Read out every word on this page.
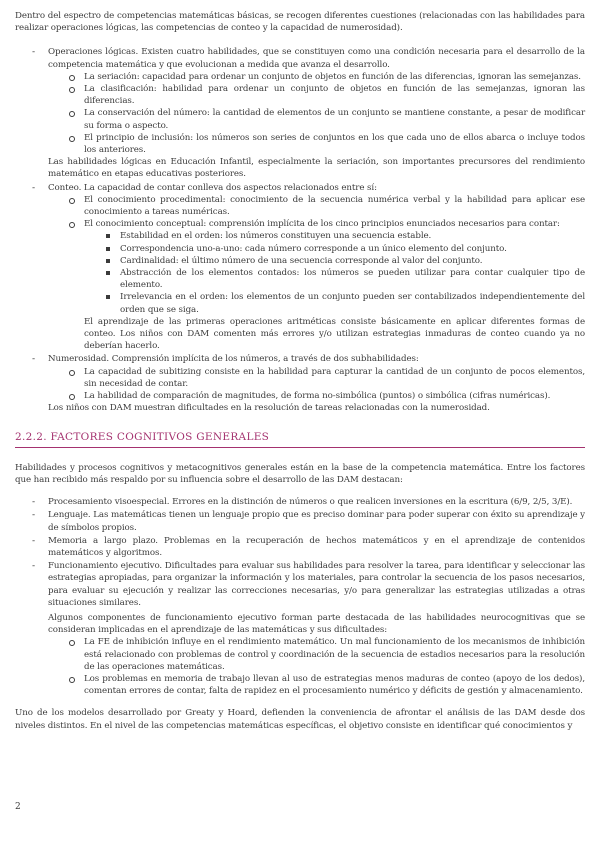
Dentro del espectro de competencias matemáticas básicas, se recogen diferentes cuestiones (relacionadas con las habilidades para realizar operaciones lógicas, las competencias de conteo y la capacidad de numerosidad).

- Operaciones lógicas. Existen cuatro habilidades, que se constituyen como una condición necesaria para el desarrollo de la competencia matemática y que evolucionan a medida que avanza el desarrollo.

La seriación: capacidad para ordenar un conjunto de objetos en función de las diferencias, ignoran las semejanzas.

La clasificación: habilidad para ordenar un conjunto de objetos en función de las semejanzas, ignoran las diferencias.

La conservación del número: la cantidad de elementos de un conjunto se mantiene constante, a pesar de modificar su forma o aspecto.

El principio de inclusión: los números son series de conjuntos en los que cada uno de ellos abarca o incluye todos los anteriores.

Las habilidades lógicas en Educación Infantil, especialmente la seriación, son importantes precursores del rendimiento matemático en etapas educativas posteriores.

- Conteo. La capacidad de contar conlleva dos aspectos relacionados entre sí:

El conocimiento procedimental: conocimiento de la secuencia numérica verbal y la habilidad para aplicar ese conocimiento a tareas numéricas.

El conocimiento conceptual: comprensión implícita de los cinco principios enunciados necesarios para contar:

Estabilidad en el orden: los números constituyen una secuencia estable.

Correspondencia uno-a-uno: cada número corresponde a un único elemento del conjunto.

Cardinalidad: el último número de una secuencia corresponde al valor del conjunto.

Abstracción de los elementos contados: los números se pueden utilizar para contar cualquier tipo de elemento.

Irrelevancia en el orden: los elementos de un conjunto pueden ser contabilizados independientemente del orden que se siga.

El aprendizaje de las primeras operaciones aritméticas consiste básicamente en aplicar diferentes formas de conteo. Los niños con DAM comenten más errores y/o utilizan estrategias inmaduras de conteo cuando ya no deberían hacerlo.

- Numerosidad. Comprensión implícita de los números, a través de dos subhabilidades:

La capacidad de subitizing consiste en la habilidad para capturar la cantidad de un conjunto de pocos elementos, sin necesidad de contar.

La habilidad de comparación de magnitudes, de forma no-simbólica (puntos) o simbólica (cifras numéricas).

Los niños con DAM muestran dificultades en la resolución de tareas relacionadas con la numerosidad.

2.2.2. FACTORES COGNITIVOS GENERALES

Habilidades y procesos cognitivos y metacognitivos generales están en la base de la competencia matemática. Entre los factores que han recibido más respaldo por su influencia sobre el desarrollo de las DAM destacan:

- Procesamiento visoespecial. Errores en la distinción de números o que realicen inversiones en la escritura (6/9, 2/5, 3/E).

- Lenguaje. Las matemáticas tienen un lenguaje propio que es preciso dominar para poder superar con éxito su aprendizaje y de símbolos propios.

- Memoria a largo plazo. Problemas en la recuperación de hechos matemáticos y en el aprendizaje de contenidos matemáticos y algoritmos.

- Funcionamiento ejecutivo. Dificultades para evaluar sus habilidades para resolver la tarea, para identificar y seleccionar las estrategias apropiadas, para organizar la información y los materiales, para controlar la secuencia de los pasos necesarios, para evaluar su ejecución y realizar las correcciones necesarias, y/o para generalizar las estrategias utilizadas a otras situaciones similares.

Algunos componentes de funcionamiento ejecutivo forman parte destacada de las habilidades neurocognitivas que se consideran implicadas en el aprendizaje de las matemáticas y sus dificultades:

La FE de inhibición influye en el rendimiento matemático. Un mal funcionamiento de los mecanismos de inhibición está relacionado con problemas de control y coordinación de la secuencia de estadios necesarios para la resolución de las operaciones matemáticas.

Los problemas en memoria de trabajo llevan al uso de estrategias menos maduras de conteo (apoyo de los dedos), comentan errores de contar, falta de rapidez en el procesamiento numérico y déficits de gestión y almacenamiento.

Uno de los modelos desarrollado por Greaty y Hoard, defienden la conveniencia de afrontar el análisis de las DAM desde dos niveles distintos. En el nivel de las competencias matemáticas específicas, el objetivo consiste en identificar qué conocimientos y

2
